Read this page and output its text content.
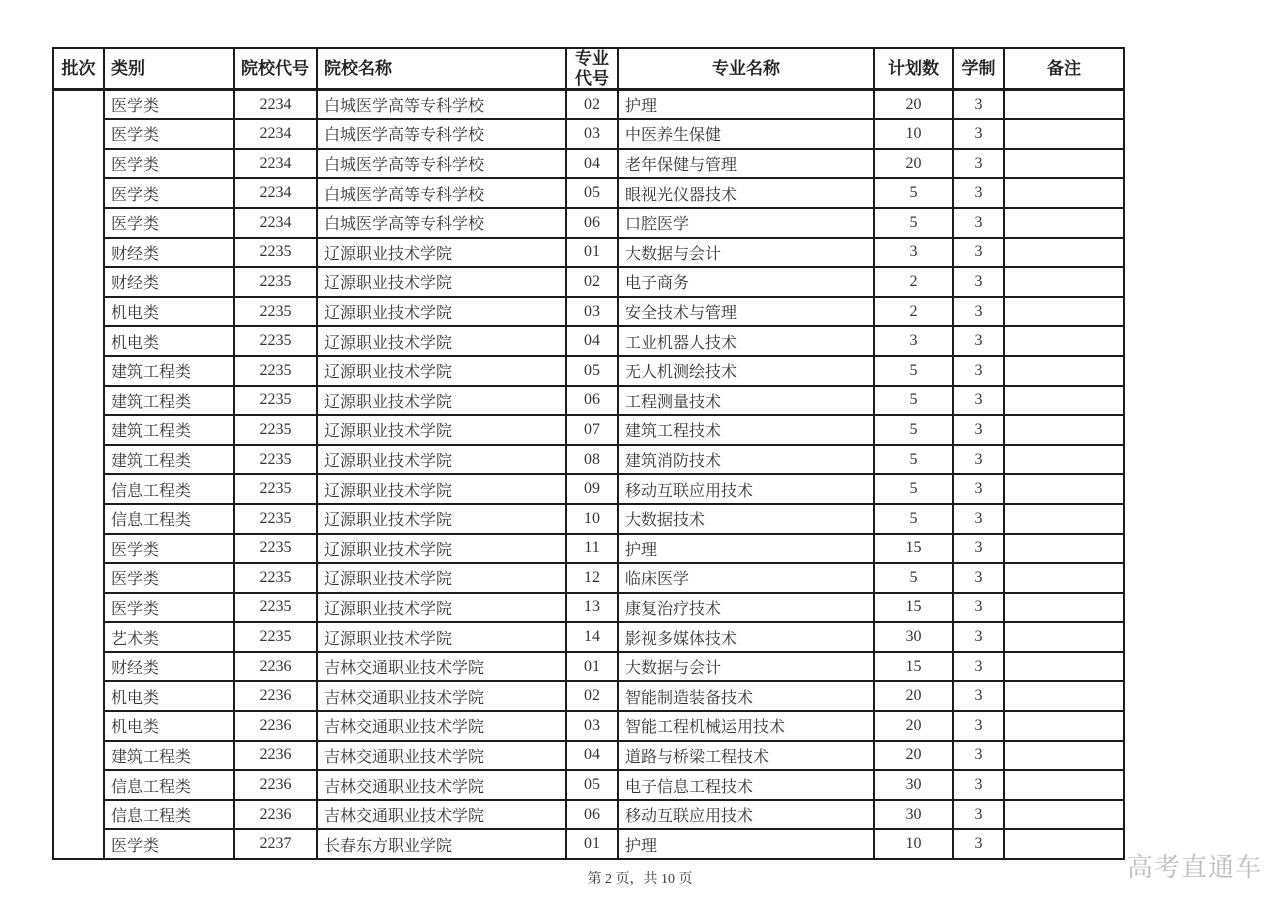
批次	类别	院校代号	院校名称	专业代号	专业名称	计划数	学制	备注
	医学类	2234	白城医学高等专科学校	02	护理	20	3	
	医学类	2234	白城医学高等专科学校	03	中医养生保健	10	3	
	医学类	2234	白城医学高等专科学校	04	老年保健与管理	20	3	
	医学类	2234	白城医学高等专科学校	05	眼视光仪器技术	5	3	
	医学类	2234	白城医学高等专科学校	06	口腔医学	5	3	
	财经类	2235	辽源职业技术学院	01	大数据与会计	3	3	
	财经类	2235	辽源职业技术学院	02	电子商务	2	3	
	机电类	2235	辽源职业技术学院	03	安全技术与管理	2	3	
	机电类	2235	辽源职业技术学院	04	工业机器人技术	3	3	
	建筑工程类	2235	辽源职业技术学院	05	无人机测绘技术	5	3	
	建筑工程类	2235	辽源职业技术学院	06	工程测量技术	5	3	
	建筑工程类	2235	辽源职业技术学院	07	建筑工程技术	5	3	
	建筑工程类	2235	辽源职业技术学院	08	建筑消防技术	5	3	
	信息工程类	2235	辽源职业技术学院	09	移动互联应用技术	5	3	
	信息工程类	2235	辽源职业技术学院	10	大数据技术	5	3	
	医学类	2235	辽源职业技术学院	11	护理	15	3	
	医学类	2235	辽源职业技术学院	12	临床医学	5	3	
	医学类	2235	辽源职业技术学院	13	康复治疗技术	15	3	
	艺术类	2235	辽源职业技术学院	14	影视多媒体技术	30	3	
	财经类	2236	吉林交通职业技术学院	01	大数据与会计	15	3	
	机电类	2236	吉林交通职业技术学院	02	智能制造装备技术	20	3	
	机电类	2236	吉林交通职业技术学院	03	智能工程机械运用技术	20	3	
	建筑工程类	2236	吉林交通职业技术学院	04	道路与桥梁工程技术	20	3	
	信息工程类	2236	吉林交通职业技术学院	05	电子信息工程技术	30	3	
	信息工程类	2236	吉林交通职业技术学院	06	移动互联应用技术	30	3	
	医学类	2237	长春东方职业学院	01	护理	10	3	
第 2 页，共 10 页	高考直通车
